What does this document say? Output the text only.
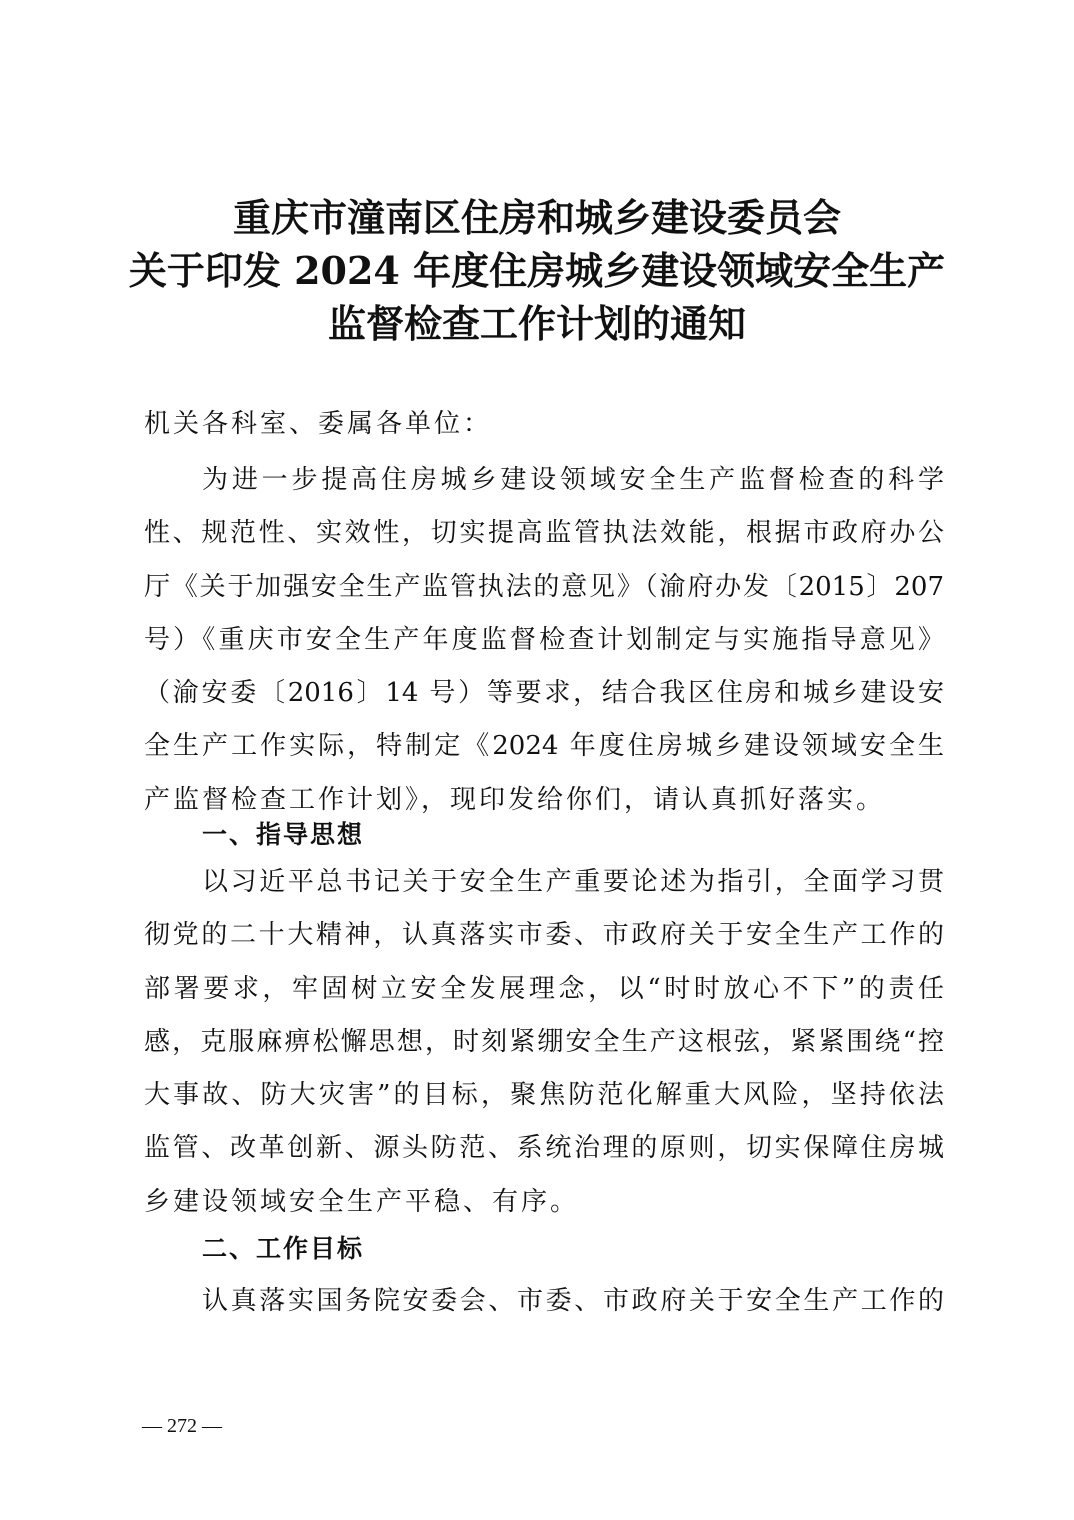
重庆市潼南区住房和城乡建设委员会
关于印发 2024 年度住房城乡建设领域安全生产
监督检查工作计划的通知
机关各科室、委属各单位：
为进一步提高住房城乡建设领域安全生产监督检查的科学
性、规范性、实效性，切实提高监管执法效能，根据市政府办公
厅《关于加强安全生产监管执法的意见》（渝府办发〔2015〕207
号）《重庆市安全生产年度监督检查计划制定与实施指导意见》
（渝安委〔2016〕14 号）等要求，结合我区住房和城乡建设安
全生产工作实际，特制定《2024 年度住房城乡建设领域安全生
产监督检查工作计划》，现印发给你们，请认真抓好落实。
一、指导思想
以习近平总书记关于安全生产重要论述为指引，全面学习贯
彻党的二十大精神，认真落实市委、市政府关于安全生产工作的
部署要求，牢固树立安全发展理念，以“时时放心不下”的责任
感，克服麻痹松懈思想，时刻紧绷安全生产这根弦，紧紧围绕“控
大事故、防大灾害”的目标，聚焦防范化解重大风险，坚持依法
监管、改革创新、源头防范、系统治理的原则，切实保障住房城
乡建设领域安全生产平稳、有序。
二、工作目标
认真落实国务院安委会、市委、市政府关于安全生产工作的
— 272 —
